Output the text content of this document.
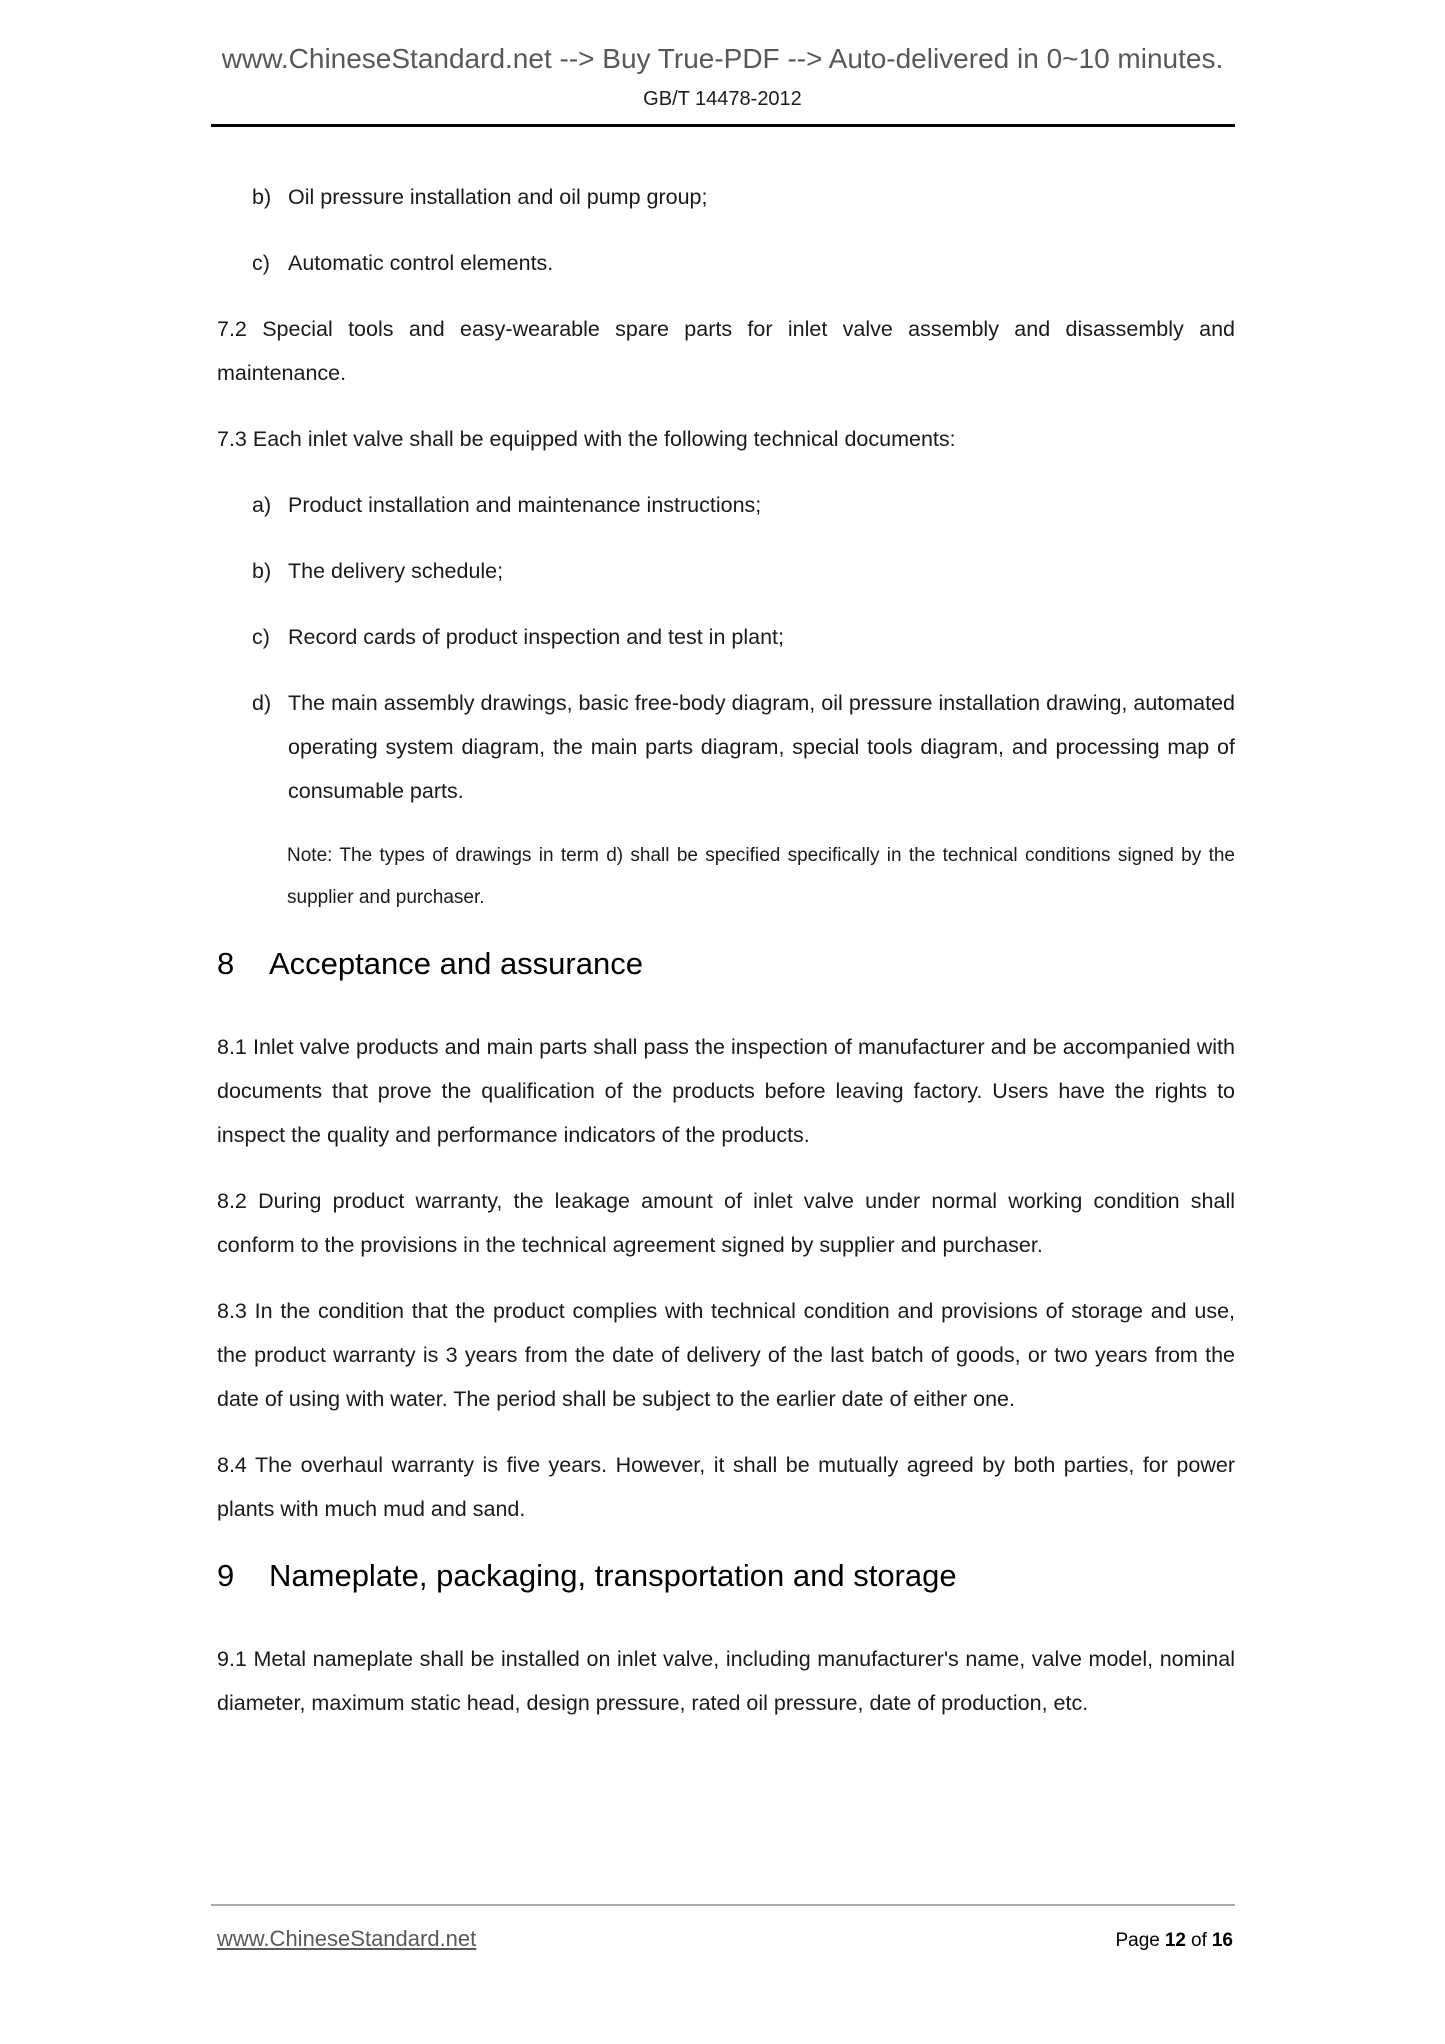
www.ChineseStandard.net --> Buy True-PDF --> Auto-delivered in 0~10 minutes.
GB/T 14478-2012
b) Oil pressure installation and oil pump group;
c) Automatic control elements.

7.2 Special tools and easy-wearable spare parts for inlet valve assembly and disassembly and maintenance.

7.3 Each inlet valve shall be equipped with the following technical documents:

a) Product installation and maintenance instructions;
b) The delivery schedule;
c) Record cards of product inspection and test in plant;
d) The main assembly drawings, basic free-body diagram, oil pressure installation drawing, automated operating system diagram, the main parts diagram, special tools diagram, and processing map of consumable parts.

Note: The types of drawings in term d) shall be specified specifically in the technical conditions signed by the supplier and purchaser.

8 Acceptance and assurance

8.1 Inlet valve products and main parts shall pass the inspection of manufacturer and be accompanied with documents that prove the qualification of the products before leaving factory. Users have the rights to inspect the quality and performance indicators of the products.

8.2 During product warranty, the leakage amount of inlet valve under normal working condition shall conform to the provisions in the technical agreement signed by supplier and purchaser.

8.3 In the condition that the product complies with technical condition and provisions of storage and use, the product warranty is 3 years from the date of delivery of the last batch of goods, or two years from the date of using with water. The period shall be subject to the earlier date of either one.

8.4 The overhaul warranty is five years. However, it shall be mutually agreed by both parties, for power plants with much mud and sand.

9 Nameplate, packaging, transportation and storage

9.1 Metal nameplate shall be installed on inlet valve, including manufacturer's name, valve model, nominal diameter, maximum static head, design pressure, rated oil pressure, date of production, etc.

www.ChineseStandard.net	Page 12 of 16
